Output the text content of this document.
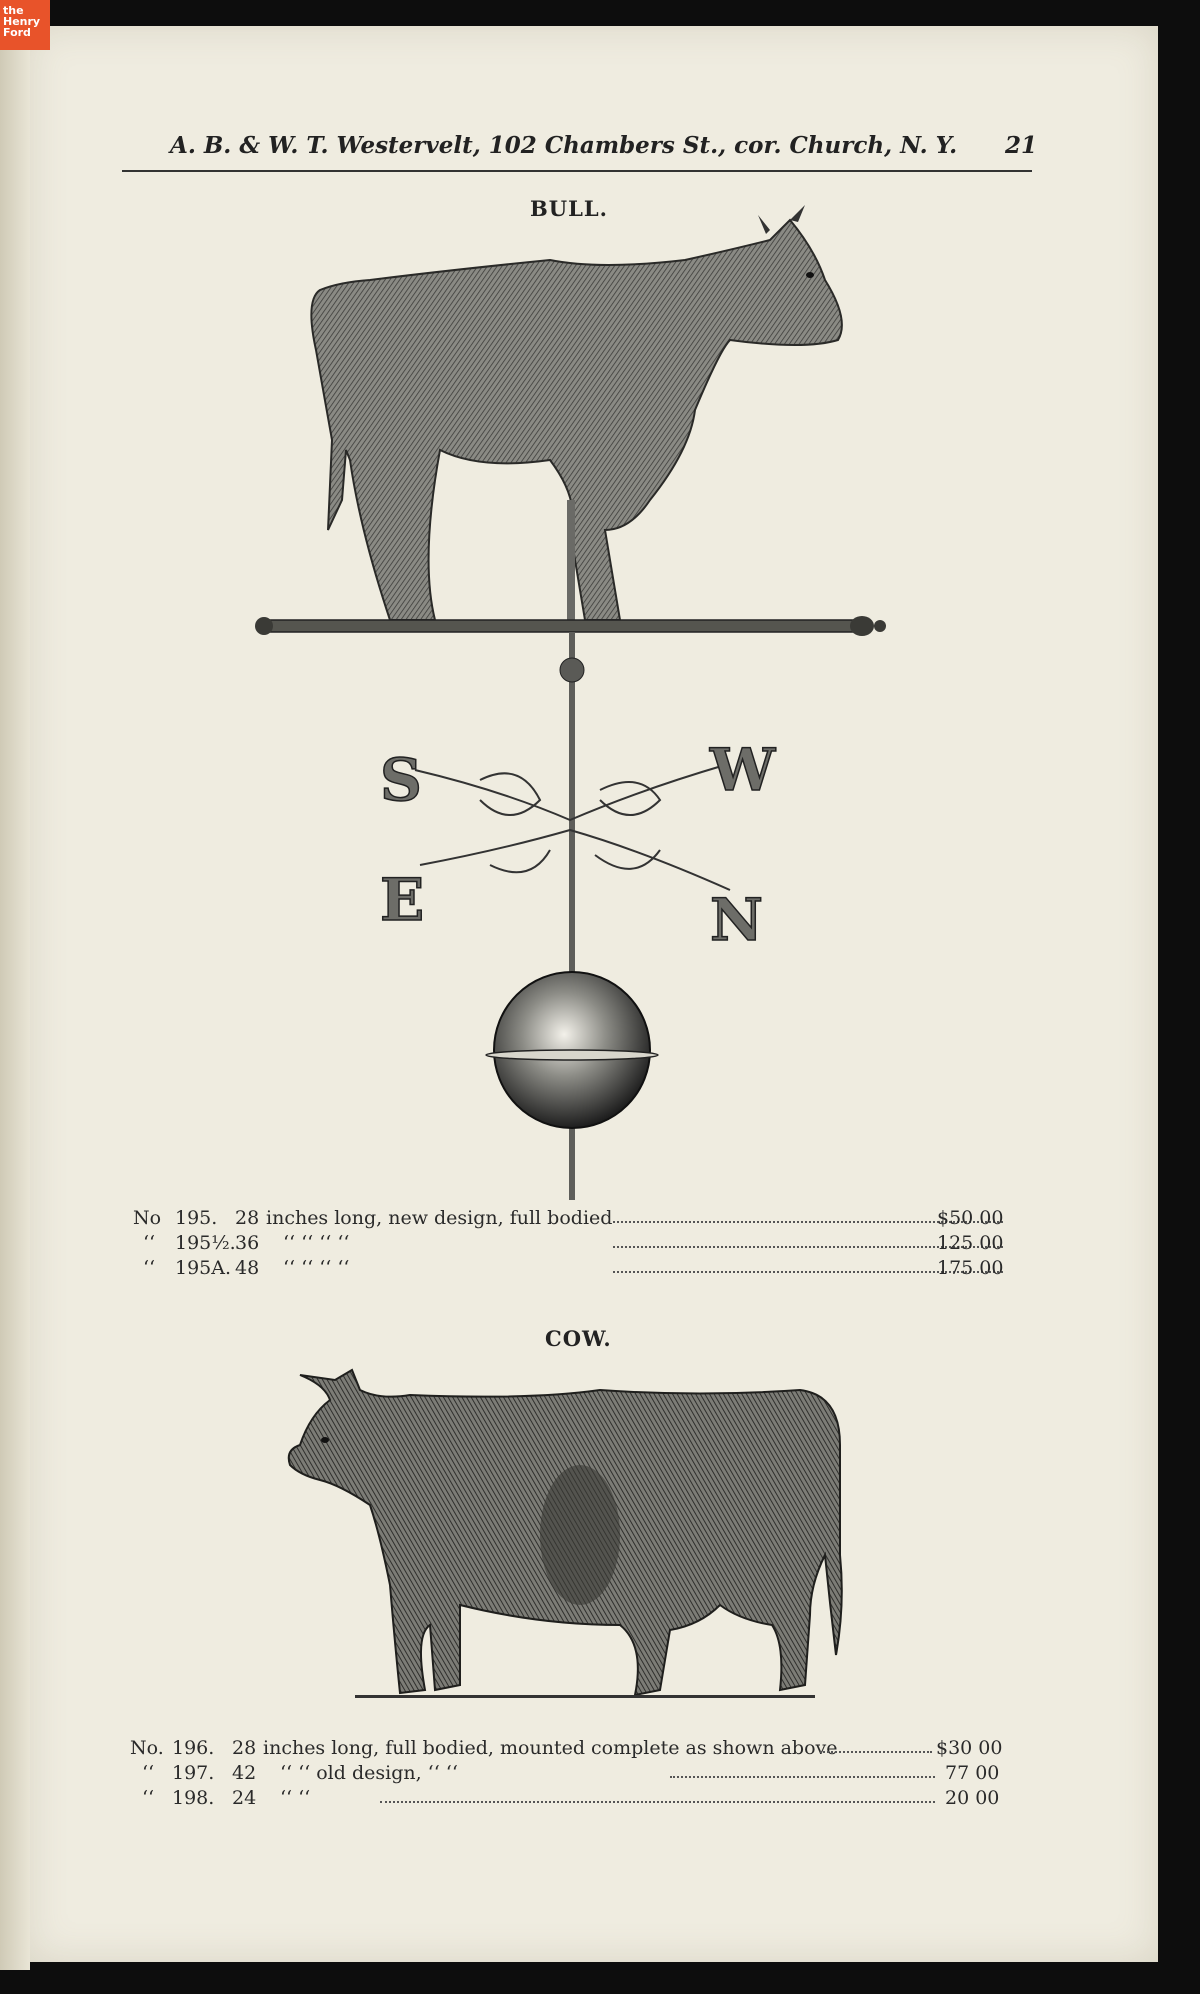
the
Henry
Ford
A. B. & W. T. Westervelt, 102 Chambers St., cor. Church, N. Y. 21
BULL.
S	W
E	N
No 195. 28 inches long, new design, full bodied	$50 00
‘‘ 195½. 36 ‘‘ ‘‘ ‘‘ ‘‘	125 00
‘‘ 195A. 48 ‘‘ ‘‘ ‘‘ ‘‘	175 00
COW.
No. 196. 28 inches long, full bodied, mounted complete as shown above	$30 00
‘‘ 197. 42 ‘‘ ‘‘ old design, ‘‘ ‘‘	77 00
‘‘ 198. 24 ‘‘ ‘‘	20 00
